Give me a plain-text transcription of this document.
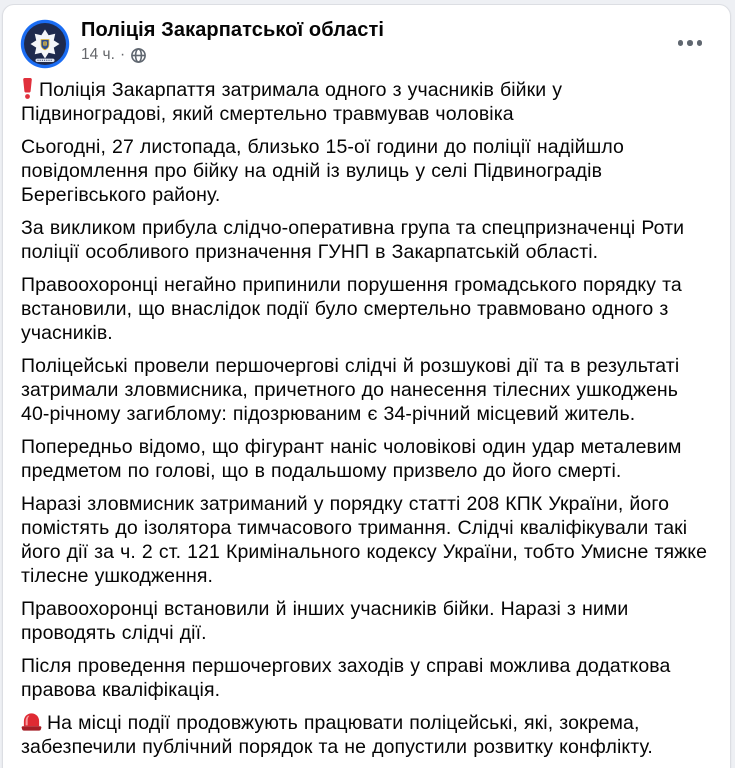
Поліція Закарпатської області
14 ч. ·

Поліція Закарпаття затримала одного з учасників бійки у Підвиноградові, який смертельно травмував чоловіка

Сьогодні, 27 листопада, близько 15-ої години до поліції надійшло повідомлення про бійку на одній із вулиць у селі Підвиноградів Берегівського району.

За викликом прибула слідчо-оперативна група та спецпризначенці Роти поліції особливого призначення ГУНП в Закарпатській області.

Правоохоронці негайно припинили порушення громадського порядку та встановили, що внаслідок події було смертельно травмовано одного з учасників.

Поліцейські провели першочергові слідчі й розшукові дії та в результаті затримали зловмисника, причетного до нанесення тілесних ушкоджень 40-річному загиблому: підозрюваним є 34-річний місцевий житель.

Попередньо відомо, що фігурант наніс чоловікові один удар металевим предметом по голові, що в подальшому призвело до його смерті.

Наразі зловмисник затриманий у порядку статті 208 КПК України, його помістять до ізолятора тимчасового тримання. Слідчі кваліфікували такі його дії за ч. 2 ст. 121 Кримінального кодексу України, тобто Умисне тяжке тілесне ушкодження.

Правоохоронці встановили й інших учасників бійки. Наразі з ними проводять слідчі дії.

Після проведення першочергових заходів у справі можлива додаткова правова кваліфікація.

На місці події продовжують працювати поліцейські, які, зокрема, забезпечили публічний порядок та не допустили розвитку конфлікту.
